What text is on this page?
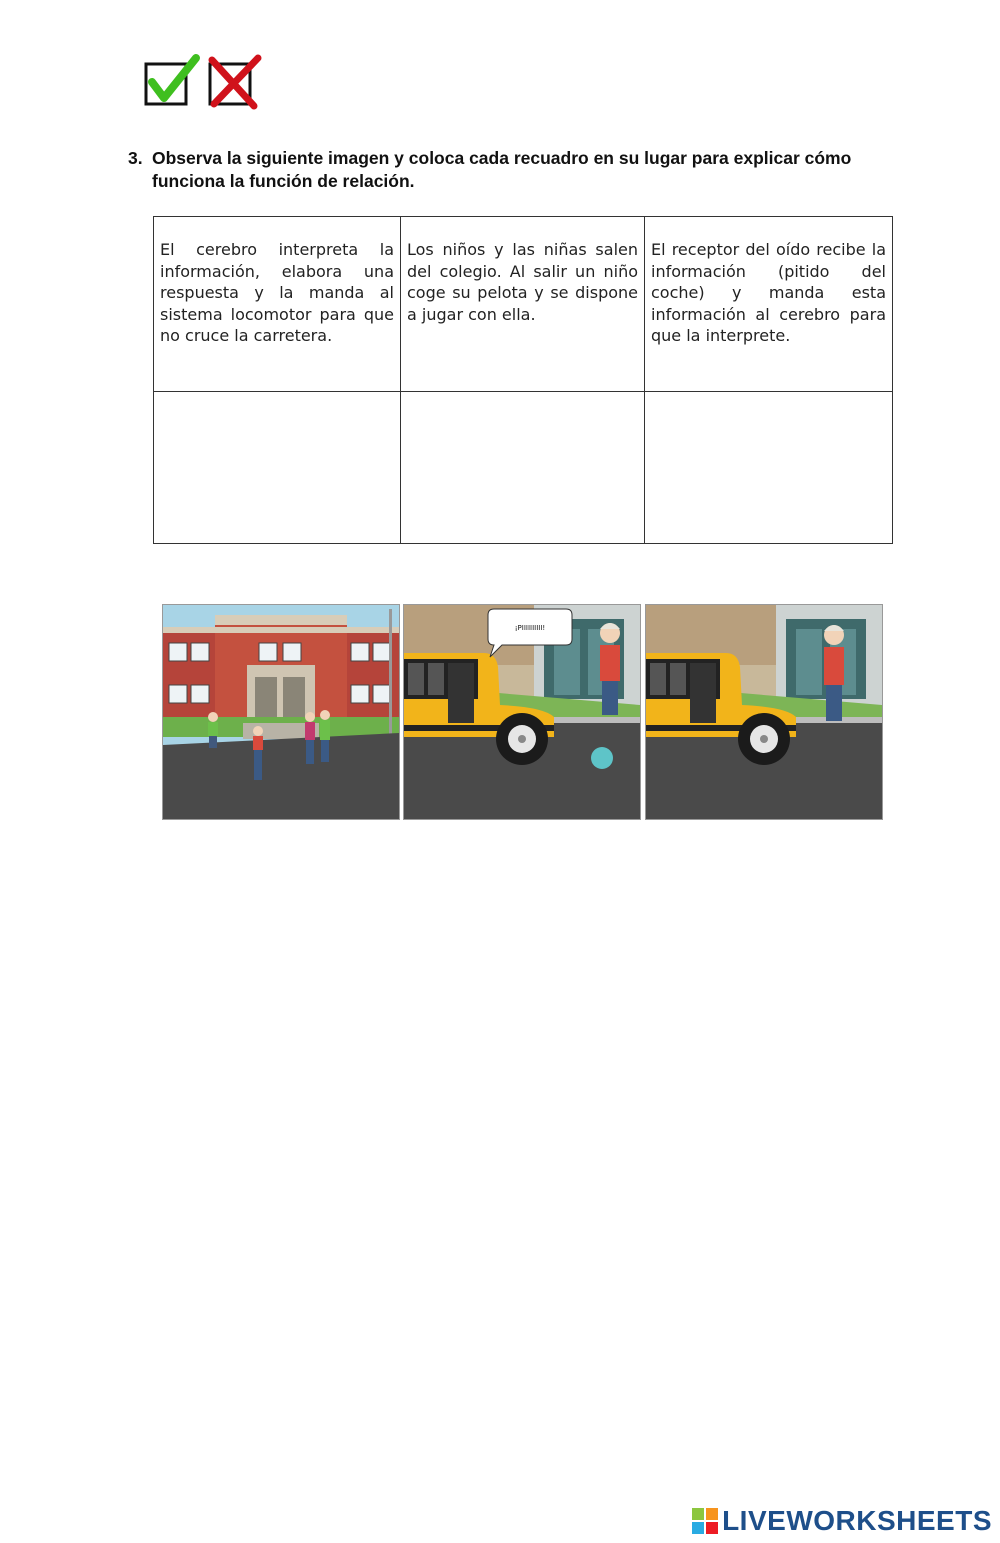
3. Observa la siguiente imagen y coloca cada recuadro en su lugar para explicar cómo funciona la función de relación.
El cerebro interpreta la información, elabora una respuesta y la manda al sistema locomotor para que no cruce la carretera.	Los niños y las niñas salen del colegio. Al salir un niño coge su pelota y se dispone a jugar con ella.	El receptor del oído recibe la información (pitido del coche) y manda esta información al cerebro para que la interprete.

¡PIIIIIIIIII!
LIVEWORKSHEETS
